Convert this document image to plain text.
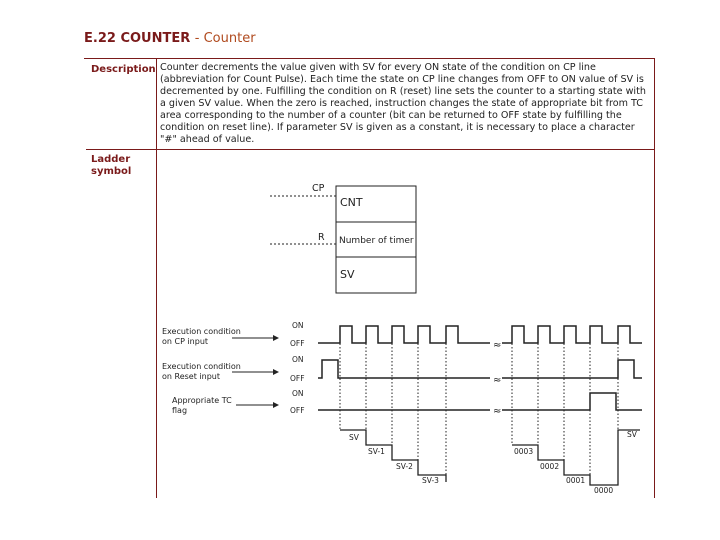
E.22 COUNTER - Counter
Description Counter decrements the value given with SV for every ON state of the condition on CP line (abbreviation for Count Pulse). Each time the state on CP line changes from OFF to ON value of SV is decremented by one. Fulfilling the condition on R (reset) line sets the counter to a starting state with a given SV value. When the zero is reached, instruction changes the state of appropriate bit from TC area corresponding to the number of a counter (bit can be returned to OFF state by fulfilling the condition on reset line). If parameter SV is given as a constant, it is necessary to place a character "#" ahead of value.
Ladder
symbol
CP
R
CNT
Number of timer
SV
Execution condition
on CP input
Execution condition
on Reset input
Appropriate TC
flag
ON
OFF
ON
OFF
ON
OFF
≈
≈
≈
SV
SV-1
SV-2
SV-3
0003
0002
0001
0000
SV
